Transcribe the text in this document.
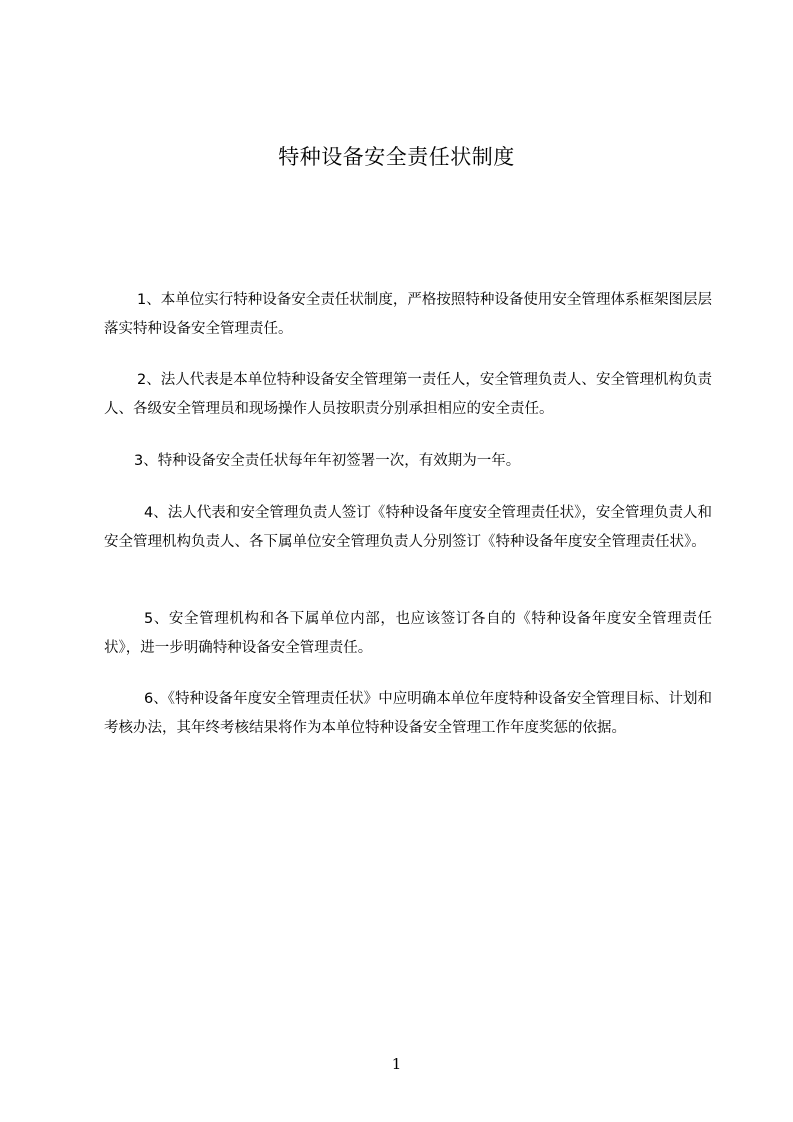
特种设备安全责任状制度

1、本单位实行特种设备安全责任状制度，严格按照特种设备使用安全管理体系框架图层层落实特种设备安全管理责任。

2、法人代表是本单位特种设备安全管理第一责任人，安全管理负责人、安全管理机构负责人、各级安全管理员和现场操作人员按职责分别承担相应的安全责任。

3、特种设备安全责任状每年年初签署一次，有效期为一年。

4、法人代表和安全管理负责人签订《特种设备年度安全管理责任状》，安全管理负责人和安全管理机构负责人、各下属单位安全管理负责人分别签订《特种设备年度安全管理责任状》。

5、安全管理机构和各下属单位内部，也应该签订各自的《特种设备年度安全管理责任状》，进一步明确特种设备安全管理责任。

6、《特种设备年度安全管理责任状》中应明确本单位年度特种设备安全管理目标、计划和考核办法，其年终考核结果将作为本单位特种设备安全管理工作年度奖惩的依据。

1
